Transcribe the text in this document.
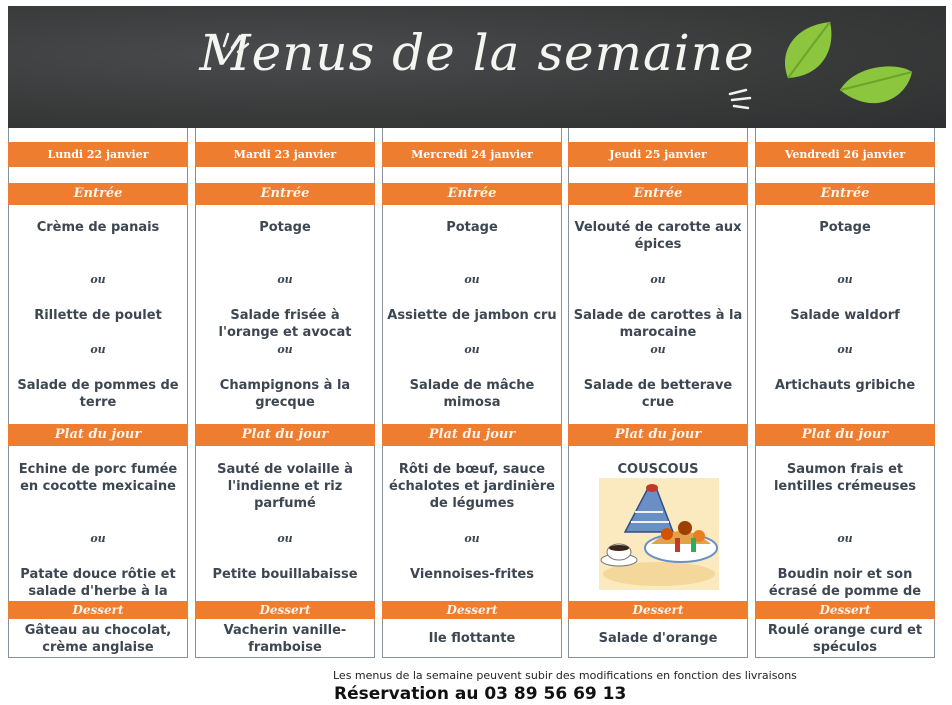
Menus de la semaine
Lundi 22 janvier
Entrée
Crème de panais
ou
Rillette de poulet
ou
Salade de pommes de terre
Plat du jour
Echine de porc fumée en cocotte mexicaine
ou
Patate douce rôtie et salade d'herbe à la
Dessert
Gâteau au chocolat, crème anglaise
Mardi 23 janvier
Entrée
Potage
ou
Salade frisée à l'orange et avocat
ou
Champignons à la grecque
Plat du jour
Sauté de volaille à l'indienne et riz parfumé
ou
Petite bouillabaisse
Dessert
Vacherin vanille-framboise
Mercredi 24 janvier
Entrée
Potage
ou
Assiette de jambon cru
ou
Salade de mâche mimosa
Plat du jour
Rôti de bœuf, sauce échalotes et jardinière de légumes
ou
Viennoises-frites
Dessert
Ile flottante
Jeudi 25 janvier
Entrée
Velouté de carotte aux épices
ou
Salade de carottes à la marocaine
ou
Salade de betterave crue
Plat du jour
COUSCOUS
Dessert
Salade d'orange
Vendredi 26 janvier
Entrée
Potage
ou
Salade waldorf
ou
Artichauts gribiche
Plat du jour
Saumon frais et lentilles crémeuses
ou
Boudin noir et son écrasé de pomme de
Dessert
Roulé orange curd et spéculos
Les menus de la semaine peuvent subir des modifications en fonction des livraisons
Réservation au 03 89 56 69 13
